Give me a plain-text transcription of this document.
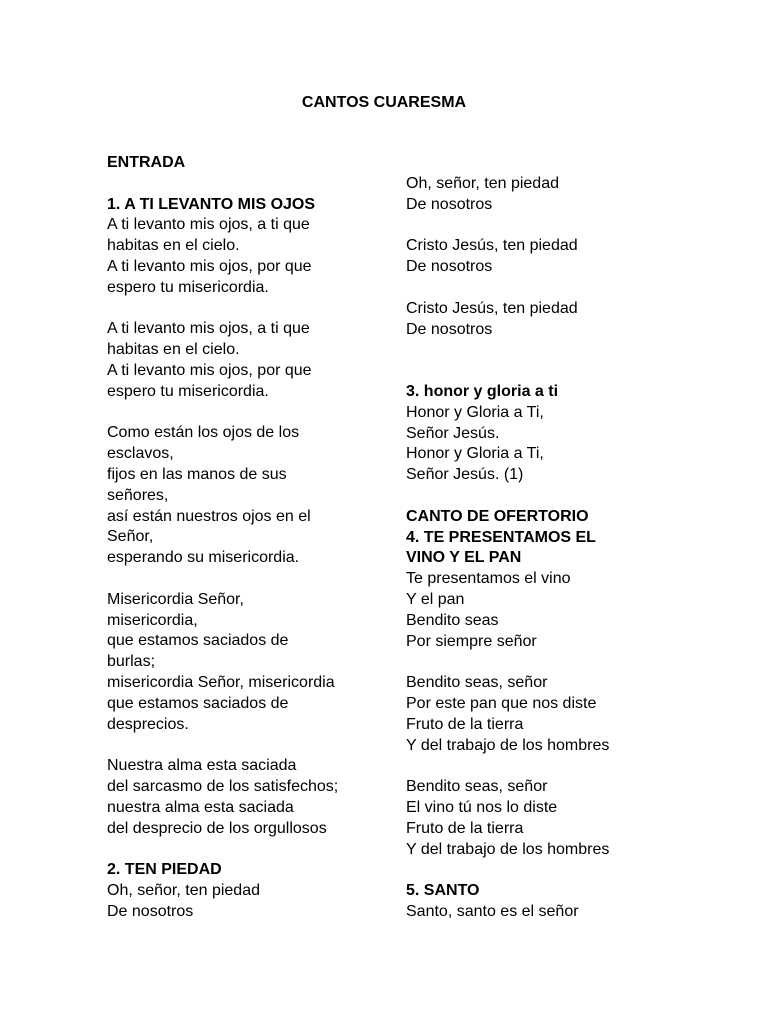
CANTOS CUARESMA
ENTRADA
1. A TI LEVANTO MIS OJOS
A ti levanto mis ojos, a ti que
habitas en el cielo.
A ti levanto mis ojos, por que
espero tu misericordia.
A ti levanto mis ojos, a ti que
habitas en el cielo.
A ti levanto mis ojos, por que
espero tu misericordia.
Como están los ojos de los
esclavos,
fijos en las manos de sus
señores,
así están nuestros ojos en el
Señor,
esperando su misericordia.
Misericordia Señor,
misericordia,
que estamos saciados de
burlas;
misericordia Señor, misericordia
que estamos saciados de
desprecios.
Nuestra alma esta saciada
del sarcasmo de los satisfechos;
nuestra alma esta saciada
del desprecio de los orgullosos
2. TEN PIEDAD
Oh, señor, ten piedad
De nosotros
Oh, señor, ten piedad
De nosotros
Cristo Jesús, ten piedad
De nosotros
Cristo Jesús, ten piedad
De nosotros
3. honor y gloria a ti
Honor y Gloria a Ti,
Señor Jesús.
Honor y Gloria a Ti,
Señor Jesús. (1)
CANTO DE OFERTORIO
4. TE PRESENTAMOS EL
VINO Y EL PAN
Te presentamos el vino
Y el pan
Bendito seas
Por siempre señor
Bendito seas, señor
Por este pan que nos diste
Fruto de la tierra
Y del trabajo de los hombres
Bendito seas, señor
El vino tú nos lo diste
Fruto de la tierra
Y del trabajo de los hombres
5. SANTO
Santo, santo es el señor
